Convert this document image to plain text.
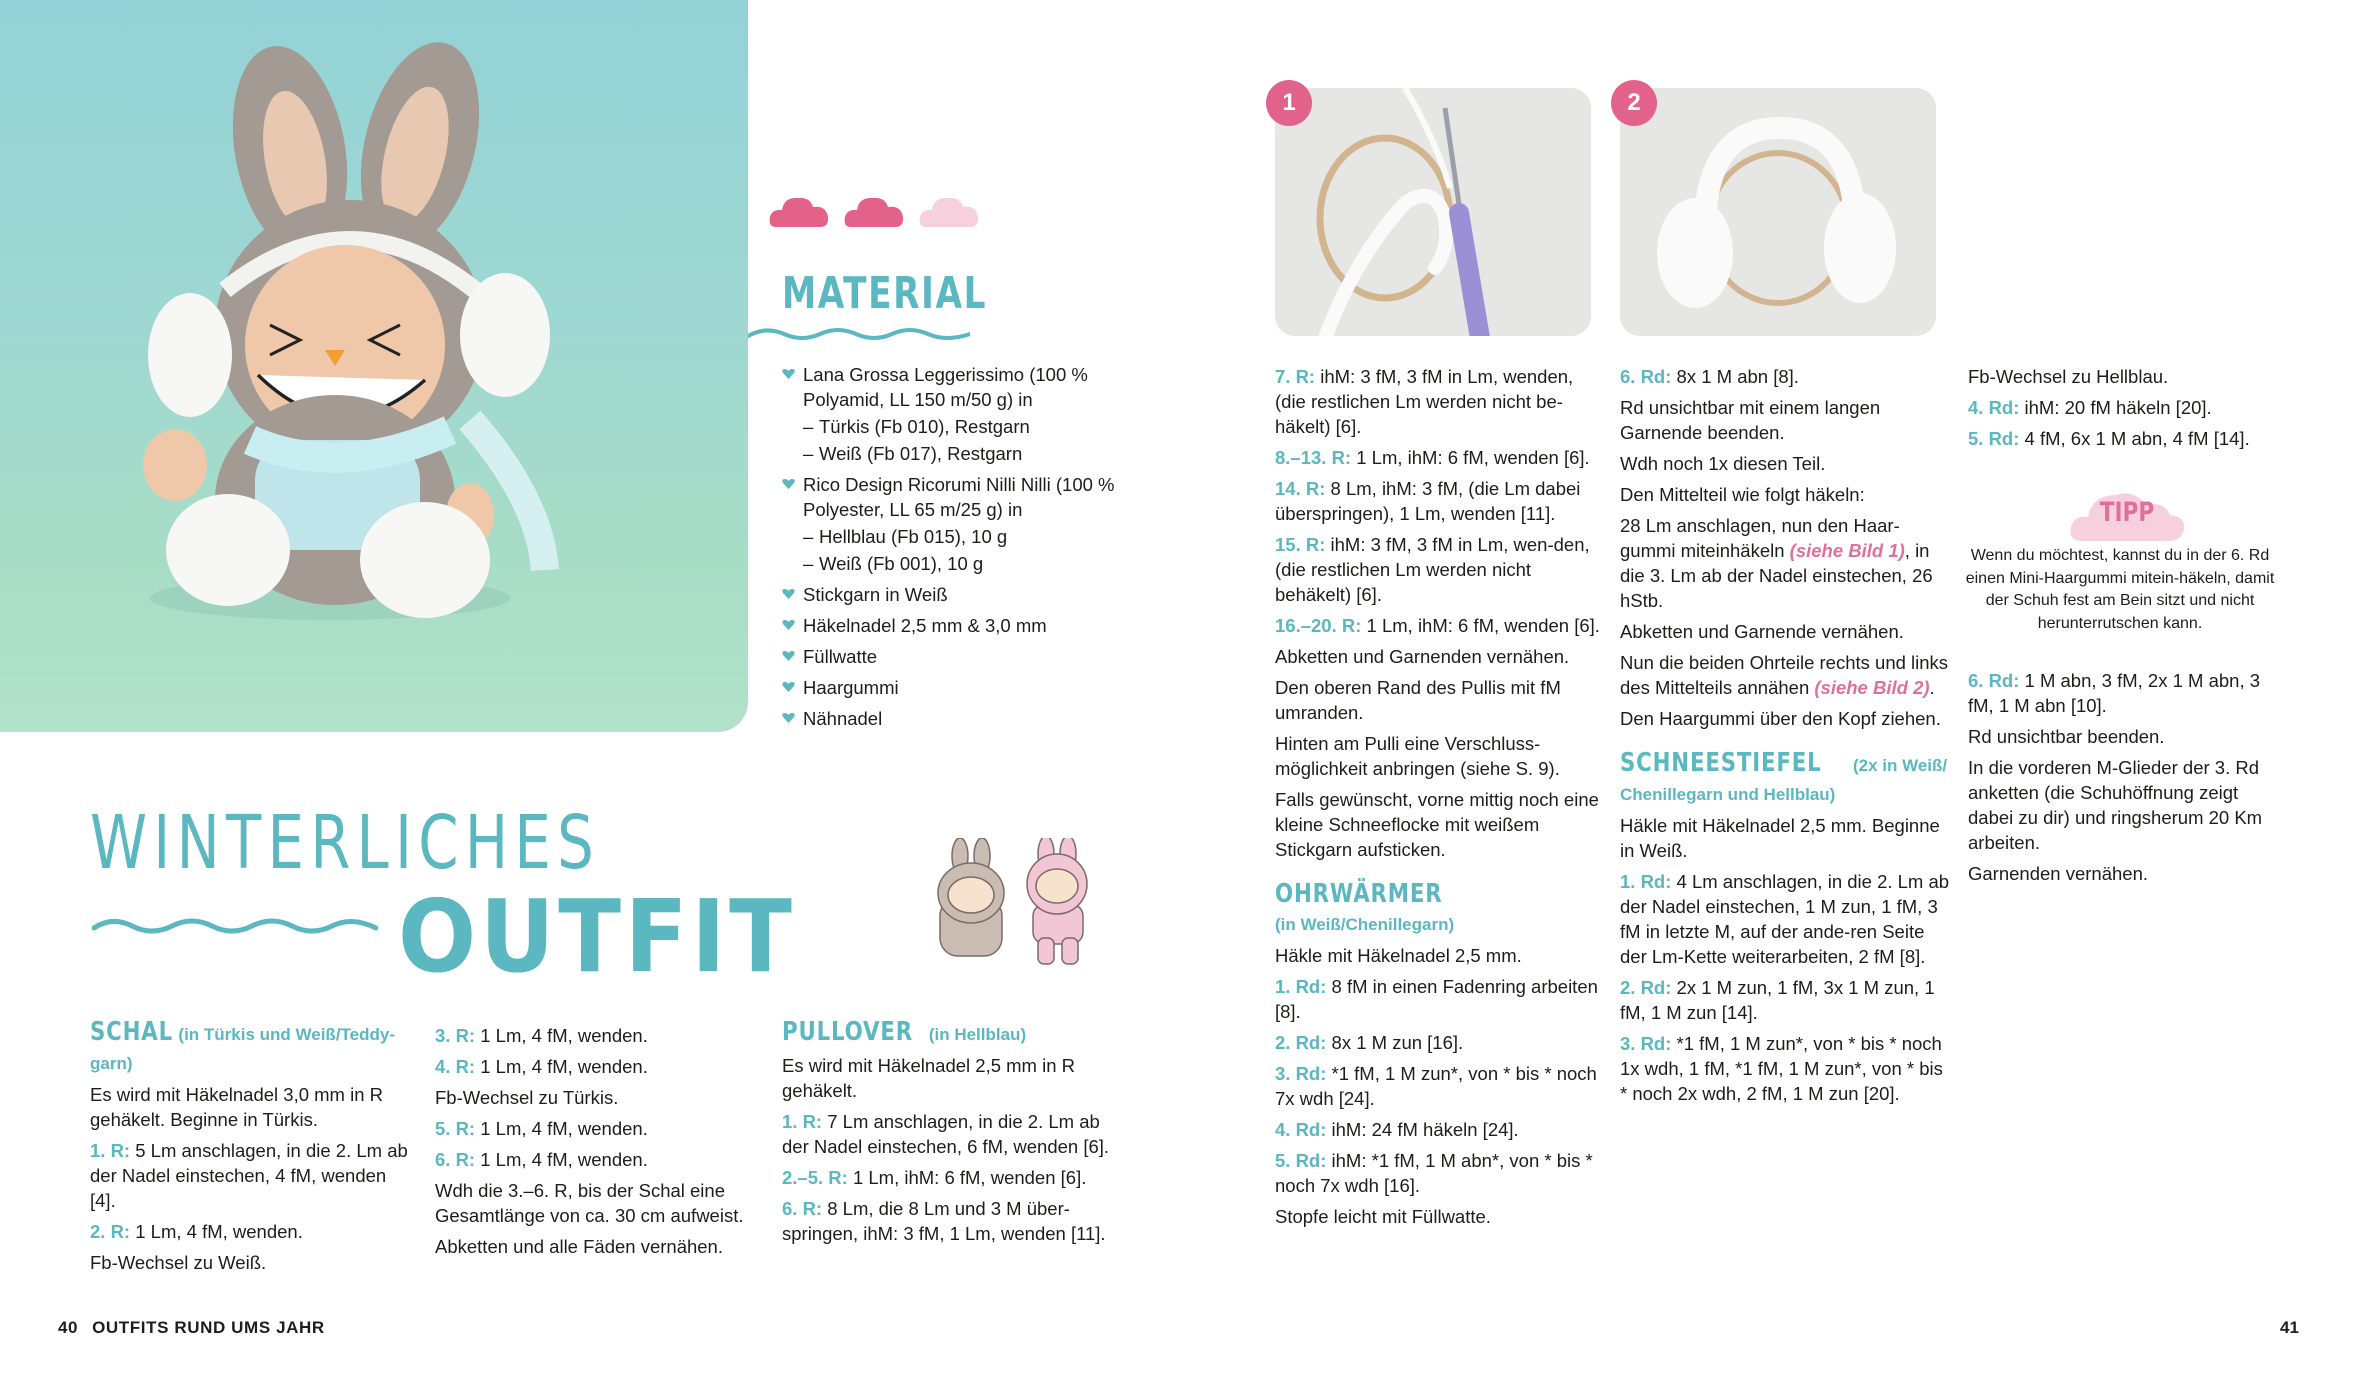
MATERIAL
Lana Grossa Leggerissimo (100 % Polyamid, LL 150 m/50 g) in
– Türkis (Fb 010), Restgarn
– Weiß (Fb 017), Restgarn
Rico Design Ricorumi Nilli Nilli (100 % Polyester, LL 65 m/25 g) in
– Hellblau (Fb 015), 10 g
– Weiß (Fb 001), 10 g
Stickgarn in Weiß
Häkelnadel 2,5 mm & 3,0 mm
Füllwatte
Haargummi
Nähnadel
WINTERLICHES
OUTFIT
SCHAL (in Türkis und Weiß/Teddy-garn)

Es wird mit Häkelnadel 3,0 mm in R gehäkelt. Beginne in Türkis.

1. R: 5 Lm anschlagen, in die 2. Lm ab der Nadel einstechen, 4 fM, wenden [4].

2. R: 1 Lm, 4 fM, wenden.

Fb-Wechsel zu Weiß.

3. R: 1 Lm, 4 fM, wenden.

4. R: 1 Lm, 4 fM, wenden.

Fb-Wechsel zu Türkis.

5. R: 1 Lm, 4 fM, wenden.

6. R: 1 Lm, 4 fM, wenden.

Wdh die 3.–6. R, bis der Schal eine Gesamtlänge von ca. 30 cm aufweist.

Abketten und alle Fäden vernähen.

PULLOVER (in Hellblau)

Es wird mit Häkelnadel 2,5 mm in R gehäkelt.

1. R: 7 Lm anschlagen, in die 2. Lm ab der Nadel einstechen, 6 fM, wenden [6].

2.–5. R: 1 Lm, ihM: 6 fM, wenden [6].

6. R: 8 Lm, die 8 Lm und 3 M über-springen, ihM: 3 fM, 1 Lm, wenden [11].

40 OUTFITS RUND UMS JAHR
1	2

7. R: ihM: 3 fM, 3 fM in Lm, wenden, (die restlichen Lm werden nicht be-häkelt) [6].

8.–13. R: 1 Lm, ihM: 6 fM, wenden [6].

14. R: 8 Lm, ihM: 3 fM, (die Lm dabei überspringen), 1 Lm, wenden [11].

15. R: ihM: 3 fM, 3 fM in Lm, wen-den, (die restlichen Lm werden nicht behäkelt) [6].

16.–20. R: 1 Lm, ihM: 6 fM, wenden [6].

Abketten und Garnenden vernähen.

Den oberen Rand des Pullis mit fM umranden.

Hinten am Pulli eine Verschluss-möglichkeit anbringen (siehe S. 9).

Falls gewünscht, vorne mittig noch eine kleine Schneeflocke mit weißem Stickgarn aufsticken.

OHRWÄRMER
(in Weiß/Chenillegarn)

Häkle mit Häkelnadel 2,5 mm.

1. Rd: 8 fM in einen Fadenring arbeiten [8].

2. Rd: 8x 1 M zun [16].

3. Rd: *1 fM, 1 M zun*, von * bis * noch 7x wdh [24].

4. Rd: ihM: 24 fM häkeln [24].

5. Rd: ihM: *1 fM, 1 M abn*, von * bis * noch 7x wdh [16].

Stopfe leicht mit Füllwatte.

6. Rd: 8x 1 M abn [8].

Rd unsichtbar mit einem langen Garnende beenden.

Wdh noch 1x diesen Teil.

Den Mittelteil wie folgt häkeln:

28 Lm anschlagen, nun den Haar-gummi miteinhäkeln (siehe Bild 1), in die 3. Lm ab der Nadel einstechen, 26 hStb.

Abketten und Garnende vernähen.

Nun die beiden Ohrteile rechts und links des Mittelteils annähen (siehe Bild 2).

Den Haargummi über den Kopf ziehen.

SCHNEESTIEFEL (2x in Weiß/ Chenillegarn und Hellblau)

Häkle mit Häkelnadel 2,5 mm. Beginne in Weiß.

1. Rd: 4 Lm anschlagen, in die 2. Lm ab der Nadel einstechen, 1 M zun, 1 fM, 3 fM in letzte M, auf der ande-ren Seite der Lm-Kette weiterarbeiten, 2 fM [8].

2. Rd: 2x 1 M zun, 1 fM, 3x 1 M zun, 1 fM, 1 M zun [14].

3. Rd: *1 fM, 1 M zun*, von * bis * noch 1x wdh, 1 fM, *1 fM, 1 M zun*, von * bis * noch 2x wdh, 2 fM, 1 M zun [20].

Fb-Wechsel zu Hellblau.

4. Rd: ihM: 20 fM häkeln [20].

5. Rd: 4 fM, 6x 1 M abn, 4 fM [14].

TIPP
Wenn du möchtest, kannst du in der 6. Rd einen Mini-Haargummi mitein-häkeln, damit der Schuh fest am Bein sitzt und nicht herunterrutschen kann.

6. Rd: 1 M abn, 3 fM, 2x 1 M abn, 3 fM, 1 M abn [10].

Rd unsichtbar beenden.

In die vorderen M-Glieder der 3. Rd anketten (die Schuhöffnung zeigt dabei zu dir) und ringsherum 20 Km arbeiten.

Garnenden vernähen.

41
